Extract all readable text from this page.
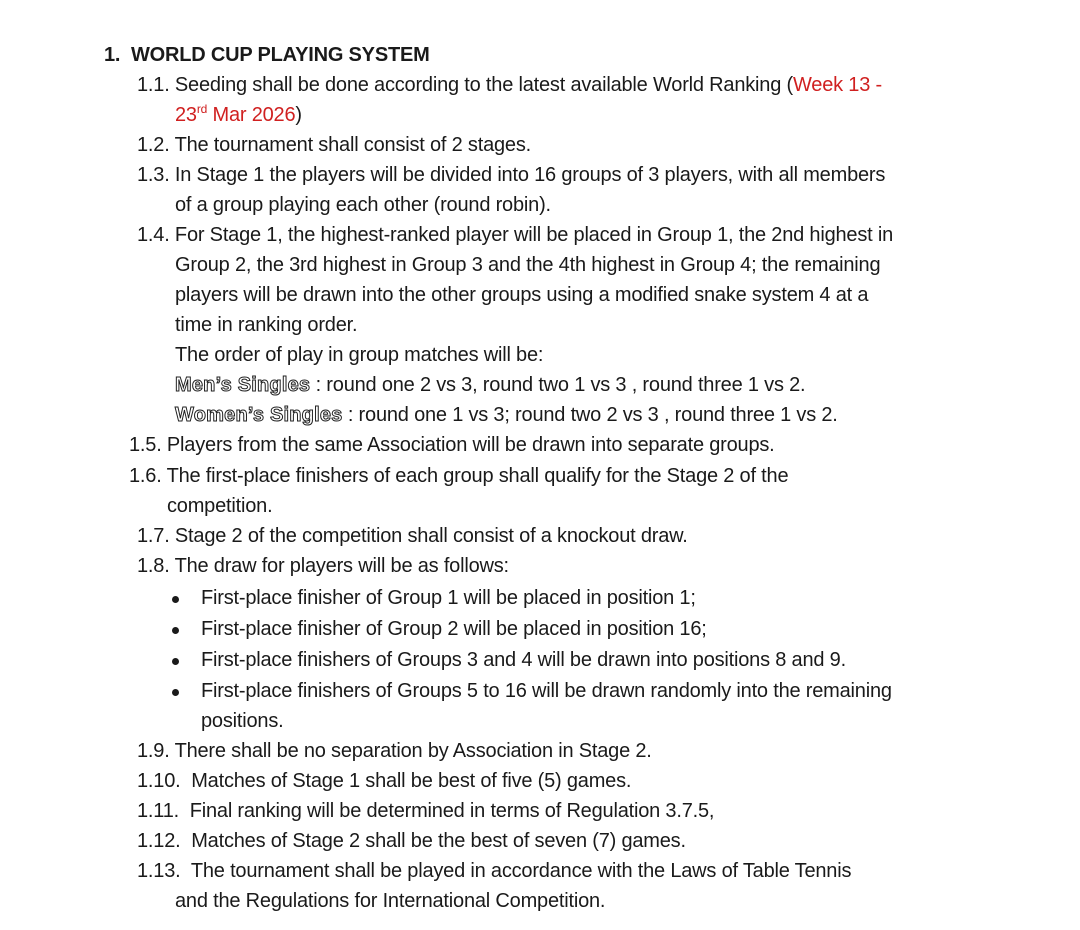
1. WORLD CUP PLAYING SYSTEM
1.1. Seeding shall be done according to the latest available World Ranking (Week 13 -
23rd Mar 2026)
1.2. The tournament shall consist of 2 stages.
1.3. In Stage 1 the players will be divided into 16 groups of 3 players, with all members
of a group playing each other (round robin).
1.4. For Stage 1, the highest-ranked player will be placed in Group 1, the 2nd highest in
Group 2, the 3rd highest in Group 3 and the 4th highest in Group 4; the remaining
players will be drawn into the other groups using a modified snake system 4 at a
time in ranking order.
The order of play in group matches will be:
Men’s Singles : round one 2 vs 3, round two 1 vs 3 , round three 1 vs 2.
Women’s Singles : round one 1 vs 3; round two 2 vs 3 , round three 1 vs 2.
1.5. Players from the same Association will be drawn into separate groups.
1.6. The first-place finishers of each group shall qualify for the Stage 2 of the
competition.
1.7. Stage 2 of the competition shall consist of a knockout draw.
1.8. The draw for players will be as follows:
First-place finisher of Group 1 will be placed in position 1;
First-place finisher of Group 2 will be placed in position 16;
First-place finishers of Groups 3 and 4 will be drawn into positions 8 and 9.
First-place finishers of Groups 5 to 16 will be drawn randomly into the remaining
positions.
1.9. There shall be no separation by Association in Stage 2.
1.10. Matches of Stage 1 shall be best of five (5) games.
1.11. Final ranking will be determined in terms of Regulation 3.7.5,
1.12. Matches of Stage 2 shall be the best of seven (7) games.
1.13. The tournament shall be played in accordance with the Laws of Table Tennis
and the Regulations for International Competition.
